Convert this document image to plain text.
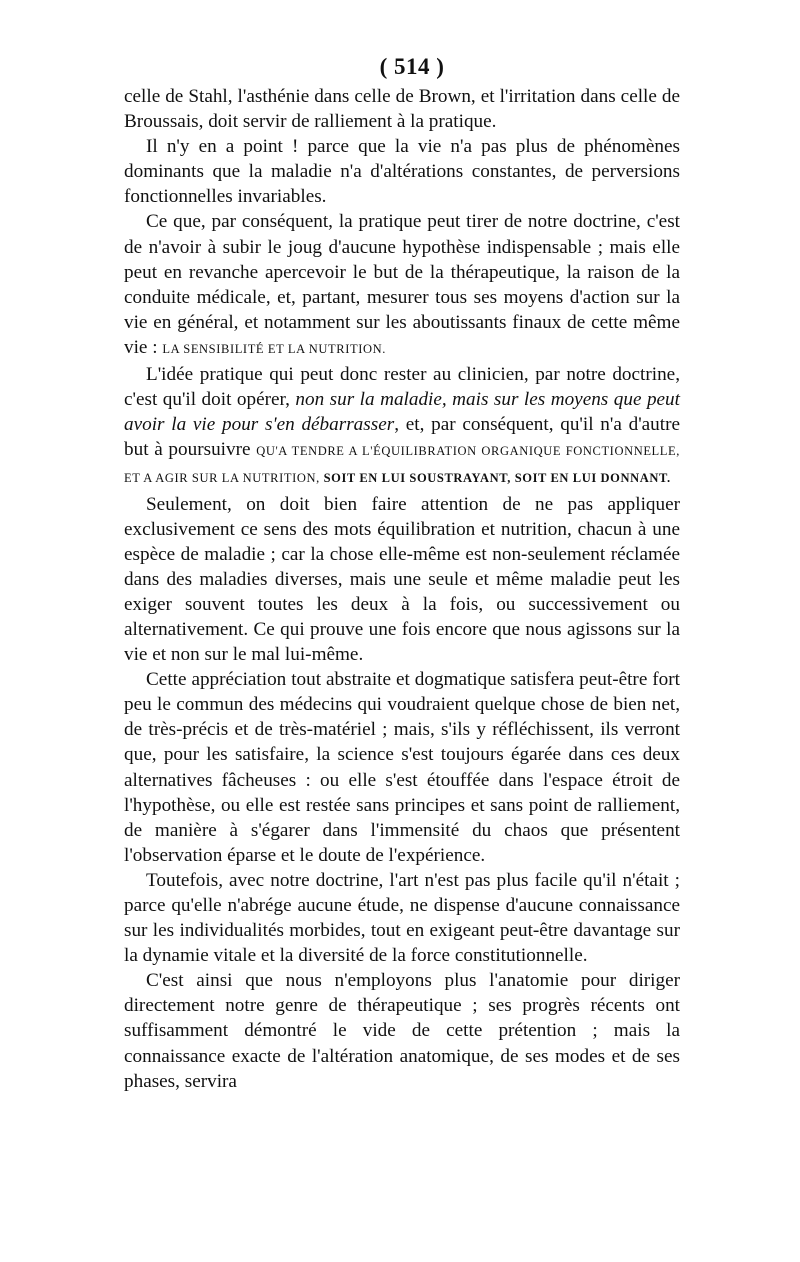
( 514 )

celle de Stahl, l'asthénie dans celle de Brown, et l'irritation dans celle de Broussais, doit servir de ralliement à la pratique.

Il n'y en a point ! parce que la vie n'a pas plus de phénomènes dominants que la maladie n'a d'altérations constantes, de perversions fonctionnelles invariables.

Ce que, par conséquent, la pratique peut tirer de notre doctrine, c'est de n'avoir à subir le joug d'aucune hypothèse indispensable ; mais elle peut en revanche apercevoir le but de la thérapeutique, la raison de la conduite médicale, et, partant, mesurer tous ses moyens d'action sur la vie en général, et notamment sur les aboutissants finaux de cette même vie : LA SENSIBILITÉ ET LA NUTRITION.

L'idée pratique qui peut donc rester au clinicien, par notre doctrine, c'est qu'il doit opérer, non sur la maladie, mais sur les moyens que peut avoir la vie pour s'en débarrasser, et, par conséquent, qu'il n'a d'autre but à poursuivre QU'A TENDRE A L'ÉQUILIBRATION ORGANIQUE FONCTIONNELLE, ET A AGIR SUR LA NUTRITION, SOIT EN LUI SOUSTRAYANT, SOIT EN LUI DONNANT.

Seulement, on doit bien faire attention de ne pas appliquer exclusivement ce sens des mots équilibration et nutrition, chacun à une espèce de maladie ; car la chose elle-même est non-seulement réclamée dans des maladies diverses, mais une seule et même maladie peut les exiger souvent toutes les deux à la fois, ou successivement ou alternativement. Ce qui prouve une fois encore que nous agissons sur la vie et non sur le mal lui-même.

Cette appréciation tout abstraite et dogmatique satisfera peut-être fort peu le commun des médecins qui voudraient quelque chose de bien net, de très-précis et de très-matériel ; mais, s'ils y réfléchissent, ils verront que, pour les satisfaire, la science s'est toujours égarée dans ces deux alternatives fâcheuses : ou elle s'est étouffée dans l'espace étroit de l'hypothèse, ou elle est restée sans principes et sans point de ralliement, de manière à s'égarer dans l'immensité du chaos que présentent l'observation éparse et le doute de l'expérience.

Toutefois, avec notre doctrine, l'art n'est pas plus facile qu'il n'était ; parce qu'elle n'abrége aucune étude, ne dispense d'aucune connaissance sur les individualités morbides, tout en exigeant peut-être davantage sur la dynamie vitale et la diversité de la force constitutionnelle.

C'est ainsi que nous n'employons plus l'anatomie pour diriger directement notre genre de thérapeutique ; ses progrès récents ont suffisamment démontré le vide de cette prétention ; mais la connaissance exacte de l'altération anatomique, de ses modes et de ses phases, servira
